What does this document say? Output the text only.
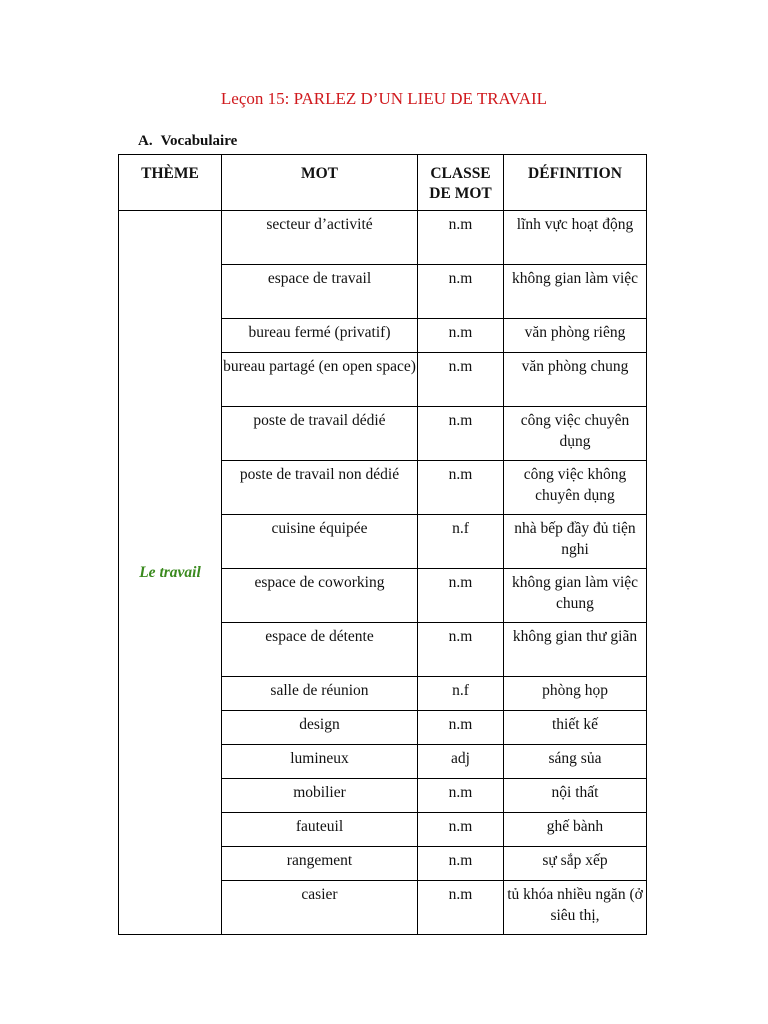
Leçon 15: PARLEZ D’UN LIEU DE TRAVAIL
A. Vocabulaire
THÈME	MOT	CLASSE DE MOT	DÉFINITION

Le travail	secteur d’activité	n.m	lĩnh vực hoạt động

	espace de travail	n.m	không gian làm việc

	bureau fermé (privatif)	n.m	văn phòng riêng

	bureau partagé (en open space)	n.m	văn phòng chung

	poste de travail dédié	n.m	công việc chuyên dụng

	poste de travail non dédié	n.m	công việc không chuyên dụng

	cuisine équipée	n.f	nhà bếp đầy đủ tiện nghi

	espace de coworking	n.m	không gian làm việc chung

	espace de détente	n.m	không gian thư giãn

	salle de réunion	n.f	phòng họp

	design	n.m	thiết kế

	lumineux	adj	sáng sủa

	mobilier	n.m	nội thất

	fauteuil	n.m	ghế bành

	rangement	n.m	sự sắp xếp

	casier	n.m	tủ khóa nhiều ngăn (ở siêu thị,
